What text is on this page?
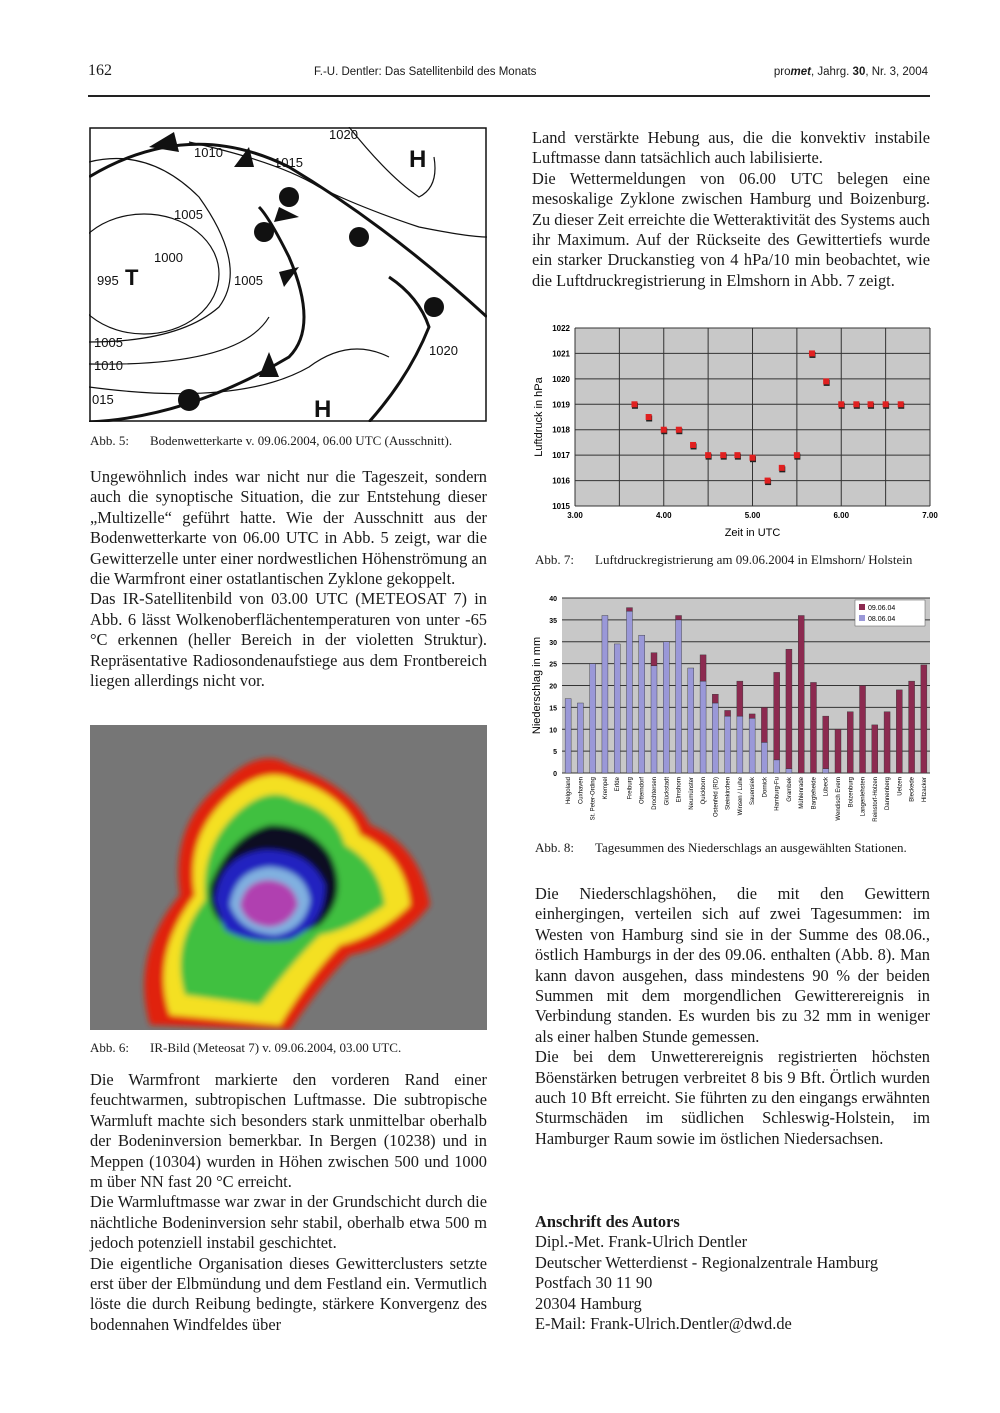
162	F.-U. Dentler: Das Satellitenbild des Monats	promet, Jahrg. 30, Nr. 3, 2004
1010
1015
1020
1005
1000
995	1005
1005
1010
015
1020
T
H
H
Abb. 5:	Bodenwetterkarte v. 09.06.2004, 06.00 UTC (Ausschnitt).

Ungewöhnlich indes war nicht nur die Tageszeit, sondern auch die synoptische Situation, die zur Entstehung dieser „Multizelle“ geführt hatte. Wie der Ausschnitt aus der Bodenwetterkarte von 06.00 UTC in Abb. 5 zeigt, war die Gewitterzelle unter einer nordwestlichen Höhenströmung an die Warmfront einer ostatlantischen Zyklone gekoppelt.

Das IR-Satellitenbild von 03.00 UTC (METEOSAT 7) in Abb. 6 lässt Wolkenoberflächentemperaturen von unter -65 °C erkennen (heller Bereich in der violetten Struktur). Repräsentative Radiosondenaufstiege aus dem Frontbereich liegen allerdings nicht vor.

Abb. 6:	IR-Bild (Meteosat 7) v. 09.06.2004, 03.00 UTC.

Die Warmfront markierte den vorderen Rand einer feuchtwarmen, subtropischen Luftmasse. Die subtropische Warmluft machte sich besonders stark unmittelbar oberhalb der Bodeninversion bemerkbar. In Bergen (10238) und in Meppen (10304) wurden in Höhen zwischen 500 und 1000 m über NN fast 20 °C erreicht.

Die Warmluftmasse war zwar in der Grundschicht durch die nächtliche Bodeninversion sehr stabil, oberhalb etwa 500 m jedoch potenziell instabil geschichtet.

Die eigentliche Organisation dieses Gewitterclusters setzte erst über der Elbmündung und dem Festland ein. Vermutlich löste die durch Reibung bedingte, stärkere Konvergenz des bodennahen Windfeldes über

Land verstärkte Hebung aus, die die konvektiv instabile Luftmasse dann tatsächlich auch labilisierte.

Die Wettermeldungen von 06.00 UTC belegen eine mesoskalige Zyklone zwischen Hamburg und Boizenburg. Zu dieser Zeit erreichte die Wetteraktivität des Systems auch ihr Maximum. Auf der Rückseite des Gewittertiefs wurde ein starker Druckanstieg von 4 hPa/10 min beobachtet, wie die Luftdruckregistrierung in Elmshorn in Abb. 7 zeigt.

1015
1016
1017
1018
1019
1020
1021
1022
3.00	4.00	5.00	6.00	7.00
Zeit in UTC
Luftdruck in hPa
Abb. 7:	Luftdruckregistrierung am 09.06.2004 in Elmshorn/ Holstein
0
5
10
15
20
25
30
35
40
Niederschlag in mm
Helgoland Cuxhaven St. Peter-Ording Krempel Erfde Freiburg Otterndorf Drochtersen Glückstadt Elmshorn Neumünster Quickborn Ostenfeld (RD) Steinkirchen Winsen / Luhe Sauensiek Dornick Hamburg-Fu Grambek Mühlenrade Bargteheide Lübeck Wendisch Evern Boizenburg Langenlehsten Reinstorf-Holzen Dannenberg Uelzen Bleckede Hitzacker
09.06.04
08.06.04
Abb. 8:	Tagesummen des Niederschlags an ausgewählten Stationen.

Die Niederschlagshöhen, die mit den Gewittern einhergingen, verteilen sich auf zwei Tagesummen: im Westen von Hamburg sind sie in der Summe des 08.06., östlich Hamburgs in der des 09.06. enthalten (Abb. 8). Man kann davon ausgehen, dass mindestens 90 % der beiden Summen mit dem morgendlichen Gewitterereignis in Verbindung standen. Es wurden bis zu 32 mm in weniger als einer halben Stunde gemessen.

Die bei dem Unwetterereignis registrierten höchsten Böenstärken betrugen verbreitet 8 bis 9 Bft. Örtlich wurden auch 10 Bft erreicht. Sie führten zu den eingangs erwähnten Sturmschäden im südlichen Schleswig-Holstein, im Hamburger Raum sowie im östlichen Niedersachsen.

Anschrift des Autors
Dipl.-Met. Frank-Ulrich Dentler
Deutscher Wetterdienst - Regionalzentrale Hamburg
Postfach 30 11 90
20304 Hamburg
E-Mail: Frank-Ulrich.Dentler@dwd.de
